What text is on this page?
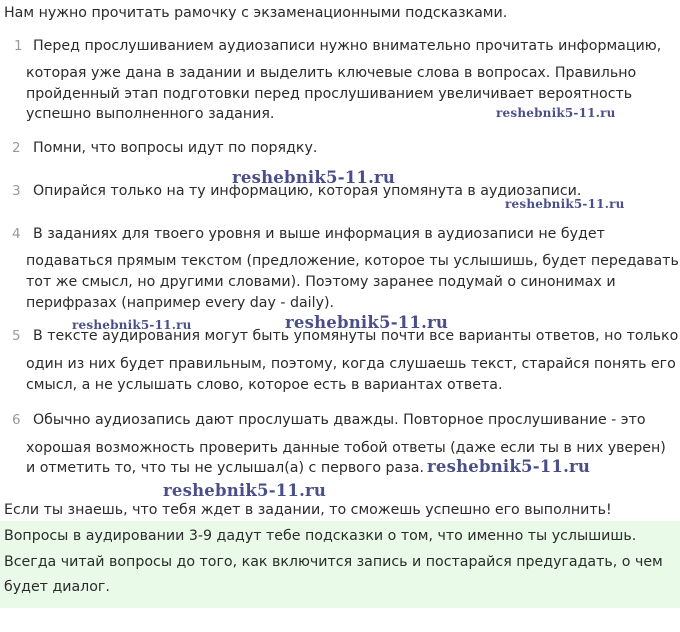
Нам нужно прочитать рамочку с экзаменационными подсказками.
1 Перед прослушиванием аудиозаписи нужно внимательно прочитать информацию,
которая уже дана в задании и выделить ключевые слова в вопросах. Правильно
пройденный этап подготовки перед прослушиванием увеличивает вероятность
успешно выполненного задания.
2 Помни, что вопросы идут по порядку.
3 Опирайся только на ту информацию, которая упомянута в аудиозаписи.
4 В заданиях для твоего уровня и выше информация в аудиозаписи не будет
подаваться прямым текстом (предложение, которое ты услышишь, будет передавать
тот же смысл, но другими словами). Поэтому заранее подумай о синонимах и
перифразах (например every day - daily).
5 В тексте аудирования могут быть упомянуты почти все варианты ответов, но только
один из них будет правильным, поэтому, когда слушаешь текст, старайся понять его
смысл, а не услышать слово, которое есть в вариантах ответа.
6 Обычно аудиозапись дают прослушать дважды. Повторное прослушивание - это
хорошая возможность проверить данные тобой ответы (даже если ты в них уверен)
и отметить то, что ты не услышал(а) с первого раза.
Если ты знаешь, что тебя ждет в задании, то сможешь успешно его выполнить!
Вопросы в аудировании 3-9 дадут тебе подсказки о том, что именно ты услышишь.
Всегда читай вопросы до того, как включится запись и постарайся предугадать, о чем
будет диалог.
reshebnik5-11.ru
reshebnik5-11.ru
reshebnik5-11.ru
reshebnik5-11.ru	reshebnik5-11.ru
reshebnik5-11.ru
reshebnik5-11.ru
